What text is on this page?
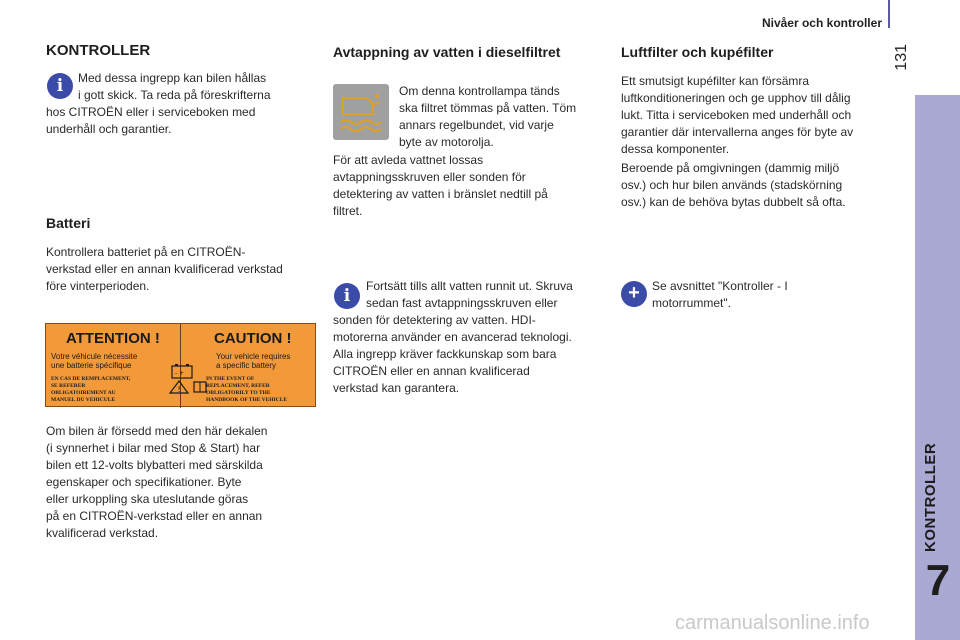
Nivåer och kontroller
131
KONTROLLER
7
KONTROLLER
i	Med dessa ingrepp kan bilen hållas
i gott skick. Ta reda på föreskrifterna
hos CITROËN eller i serviceboken med
underhåll och garantier.
Batteri
Kontrollera batteriet på en CITROËN-
verkstad eller en annan kvalificerad verkstad
före vinterperioden.
ATTENTION !	CAUTION !
Votre véhicule nécessite
une batterie spécifique
Your vehicle requires
a specific battery
EN CAS DE REMPLACEMENT,
SE REFERER
OBLIGATOIREMENT AU
MANUEL DU VEHICULE
IN THE EVENT OF
REPLACEMENT, REFER
OBLIGATORILY TO THE
HANDBOOK OF THE VEHICLE
- +
!
Om bilen är försedd med den här dekalen
(i synnerhet i bilar med Stop & Start) har
bilen ett 12-volts blybatteri med särskilda
egenskaper och specifikationer. Byte
eller urkoppling ska uteslutande göras
på en CITROËN-verkstad eller en annan
kvalificerad verkstad.
Avtappning av vatten i dieselfiltret
Om denna kontrollampa tänds
ska filtret tömmas på vatten. Töm
annars regelbundet, vid varje
byte av motorolja.
För att avleda vattnet lossas
avtappningsskruven eller sonden för
detektering av vatten i bränslet nedtill på
filtret.
i	Fortsätt tills allt vatten runnit ut. Skruva
sedan fast avtappningsskruven eller
sonden för detektering av vatten. HDI-
motorerna använder en avancerad teknologi.
Alla ingrepp kräver fackkunskap som bara
CITROËN eller en annan kvalificerad
verkstad kan garantera.
Luftfilter och kupéfilter
Ett smutsigt kupéfilter kan försämra
luftkonditioneringen och ge upphov till dålig
lukt. Titta i serviceboken med underhåll och
garantier där intervallerna anges för byte av
dessa komponenter.
Beroende på omgivningen (dammig miljö
osv.) och hur bilen används (stadskörning
osv.) kan de behöva bytas dubbelt så ofta.
+	Se avsnittet "Kontroller - I
motorrummet".
carmanualsonline.info
